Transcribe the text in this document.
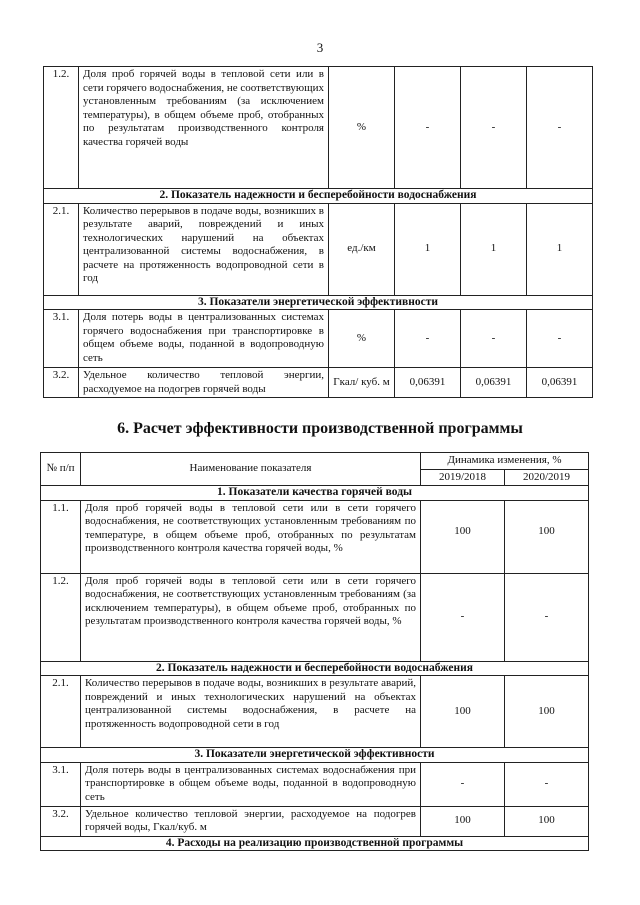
3
1.2.	Доля проб горячей воды в тепловой сети или в сети горячего водоснабжения, не соответствующих установленным требованиям (за исключением температуры), в общем объеме проб, отобранных по результатам производственного контроля качества горячей воды	%	-	-	-
2. Показатель надежности и бесперебойности водоснабжения					
2.1.	Количество перерывов в подаче воды, возникших в результате аварий, повреждений и иных технологических нарушений на объектах централизованной системы водоснабжения, в расчете на протяженность водопроводной сети в год	ед./км	1	1	1
3. Показатели энергетической эффективности					
3.1.	Доля потерь воды в централизованных системах горячего водоснабжения при транспортировке в общем объеме воды, поданной в водопроводную сеть	%	-	-	-
3.2.	Удельное количество тепловой энергии, расходуемое на подогрев горячей воды	Гкал/ куб. м	0,06391	0,06391	0,06391
6. Расчет эффективности производственной программы
№ п/п	Наименование показателя	Динамика изменения, %	
		2019/2018	2020/2019
1. Показатели качества горячей воды			
1.1.	Доля проб горячей воды в тепловой сети или в сети горячего водоснабжения, не соответствующих установленным требованиям по температуре, в общем объеме проб, отобранных по результатам производственного контроля качества горячей воды, %	100	100
1.2.	Доля проб горячей воды в тепловой сети или в сети горячего водоснабжения, не соответствующих установленным требованиям (за исключением температуры), в общем объеме проб, отобранных по результатам производственного контроля качества горячей воды, %	-	-
2. Показатель надежности и бесперебойности водоснабжения			
2.1.	Количество перерывов в подаче воды, возникших в результате аварий, повреждений и иных технологических нарушений на объектах централизованной системы водоснабжения, в расчете на протяженность водопроводной сети в год	100	100
3. Показатели энергетической эффективности			
3.1.	Доля потерь воды в централизованных системах водоснабжения при транспортировке в общем объеме воды, поданной в водопроводную сеть	-	-
3.2.	Удельное количество тепловой энергии, расходуемое на подогрев горячей воды, Гкал/куб. м	100	100
4. Расходы на реализацию производственной программы			
